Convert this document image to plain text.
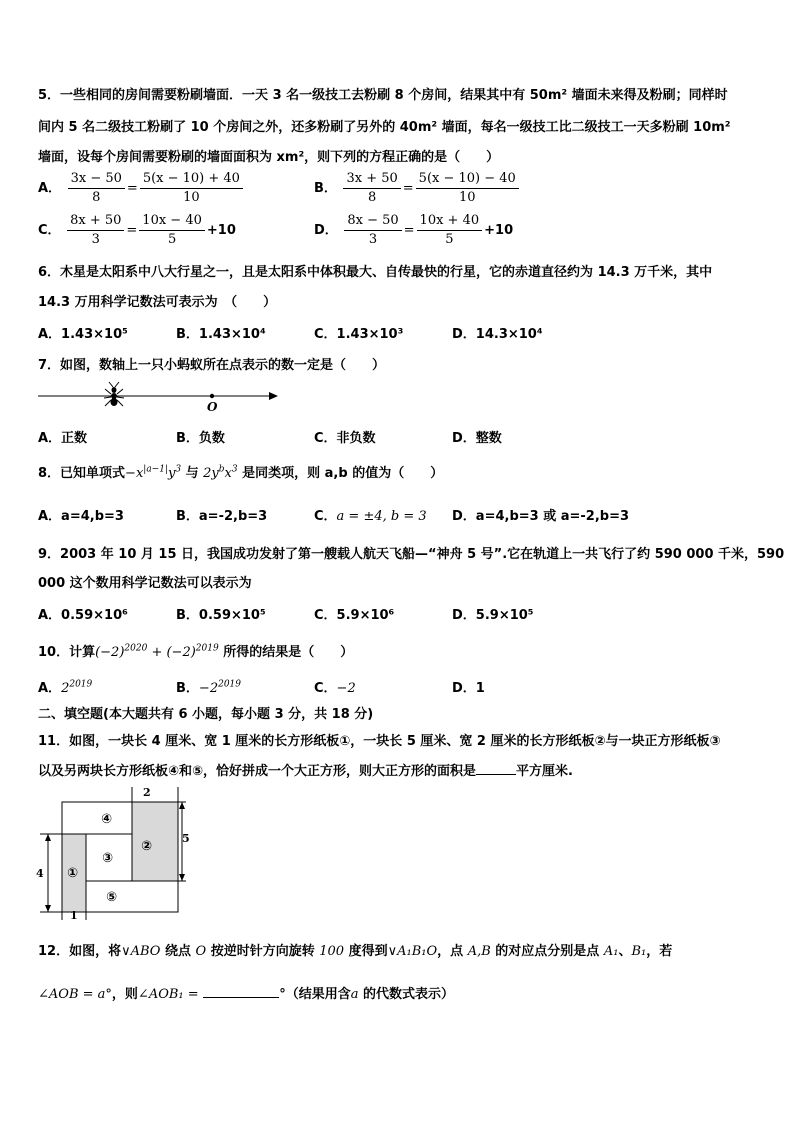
5．一些相同的房间需要粉刷墙面．一天 3 名一级技工去粉刷 8 个房间，结果其中有 50m² 墙面未来得及粉刷；同样时
间内 5 名二级技工粉刷了 10 个房间之外，还多粉刷了另外的 40m² 墙面，每名一级技工比二级技工一天多粉刷 10m²
墙面，设每个房间需要粉刷的墙面面积为 xm²，则下列的方程正确的是（　　）
A． $\frac{3x - 50}{8} = \frac{5(x - 10) + 40}{10}$	B． $\frac{3x + 50}{8} = \frac{5(x - 10) - 40}{10}$
C． $\frac{8x + 50}{3} = \frac{10x - 40}{5} +10$	D． $\frac{8x - 50}{3} = \frac{10x + 40}{5} +10$
6．木星是太阳系中八大行星之一，且是太阳系中体积最大、自传最快的行星，它的赤道直径约为 14.3 万千米，其中
14.3 万用科学记数法可表示为　（　　）
A．1.43×10⁵	B．1.43×10⁴	C．1.43×10³	D．14.3×10⁴
7．如图，数轴上一只小蚂蚁所在点表示的数一定是（　　）
O
A．正数	B．负数	C．非负数	D．整数
8．已知单项式$-x^{|a-1|}y^3$ 与 $2y^bx^3$ 是同类项，则 a,b 的值为（　　）
A．a=4,b=3	B．a=-2,b=3	C．a = ±4, b = 3 D．a=4,b=3 或 a=-2,b=3
9．2003 年 10 月 15 日，我国成功发射了第一艘载人航天飞船—“神舟 5 号”.它在轨道上一共飞行了约 590 000 千米，590
000 这个数用科学记数法可以表示为
A．0.59×10⁶	B．0.59×10⁵	C．5.9×10⁶	D．5.9×10⁵
10．计算$(-2)^{2020} + (-2)^{2019}$ 所得的结果是（　　）
A．$2^{2019}$	B．$-2^{2019}$	C．−2	D．1
二、填空题(本大题共有 6 小题，每小题 3 分，共 18 分)
11．如图，一块长 4 厘米、宽 1 厘米的长方形纸板①，一块长 5 厘米、宽 2 厘米的长方形纸板②与一块正方形纸板③
以及另两块长方形纸板④和⑤，恰好拼成一个大正方形，则大正方形的面积是	平方厘米.
2
5
4
1
①
②
③
④
⑤
12．如图，将∨ABO 绕点 O 按逆时针方向旋转 100 度得到∨A₁B₁O，点 A,B 的对应点分别是点 A₁、B₁，若
∠AOB = a°，则∠AOB₁ =	°（结果用含a 的代数式表示）
